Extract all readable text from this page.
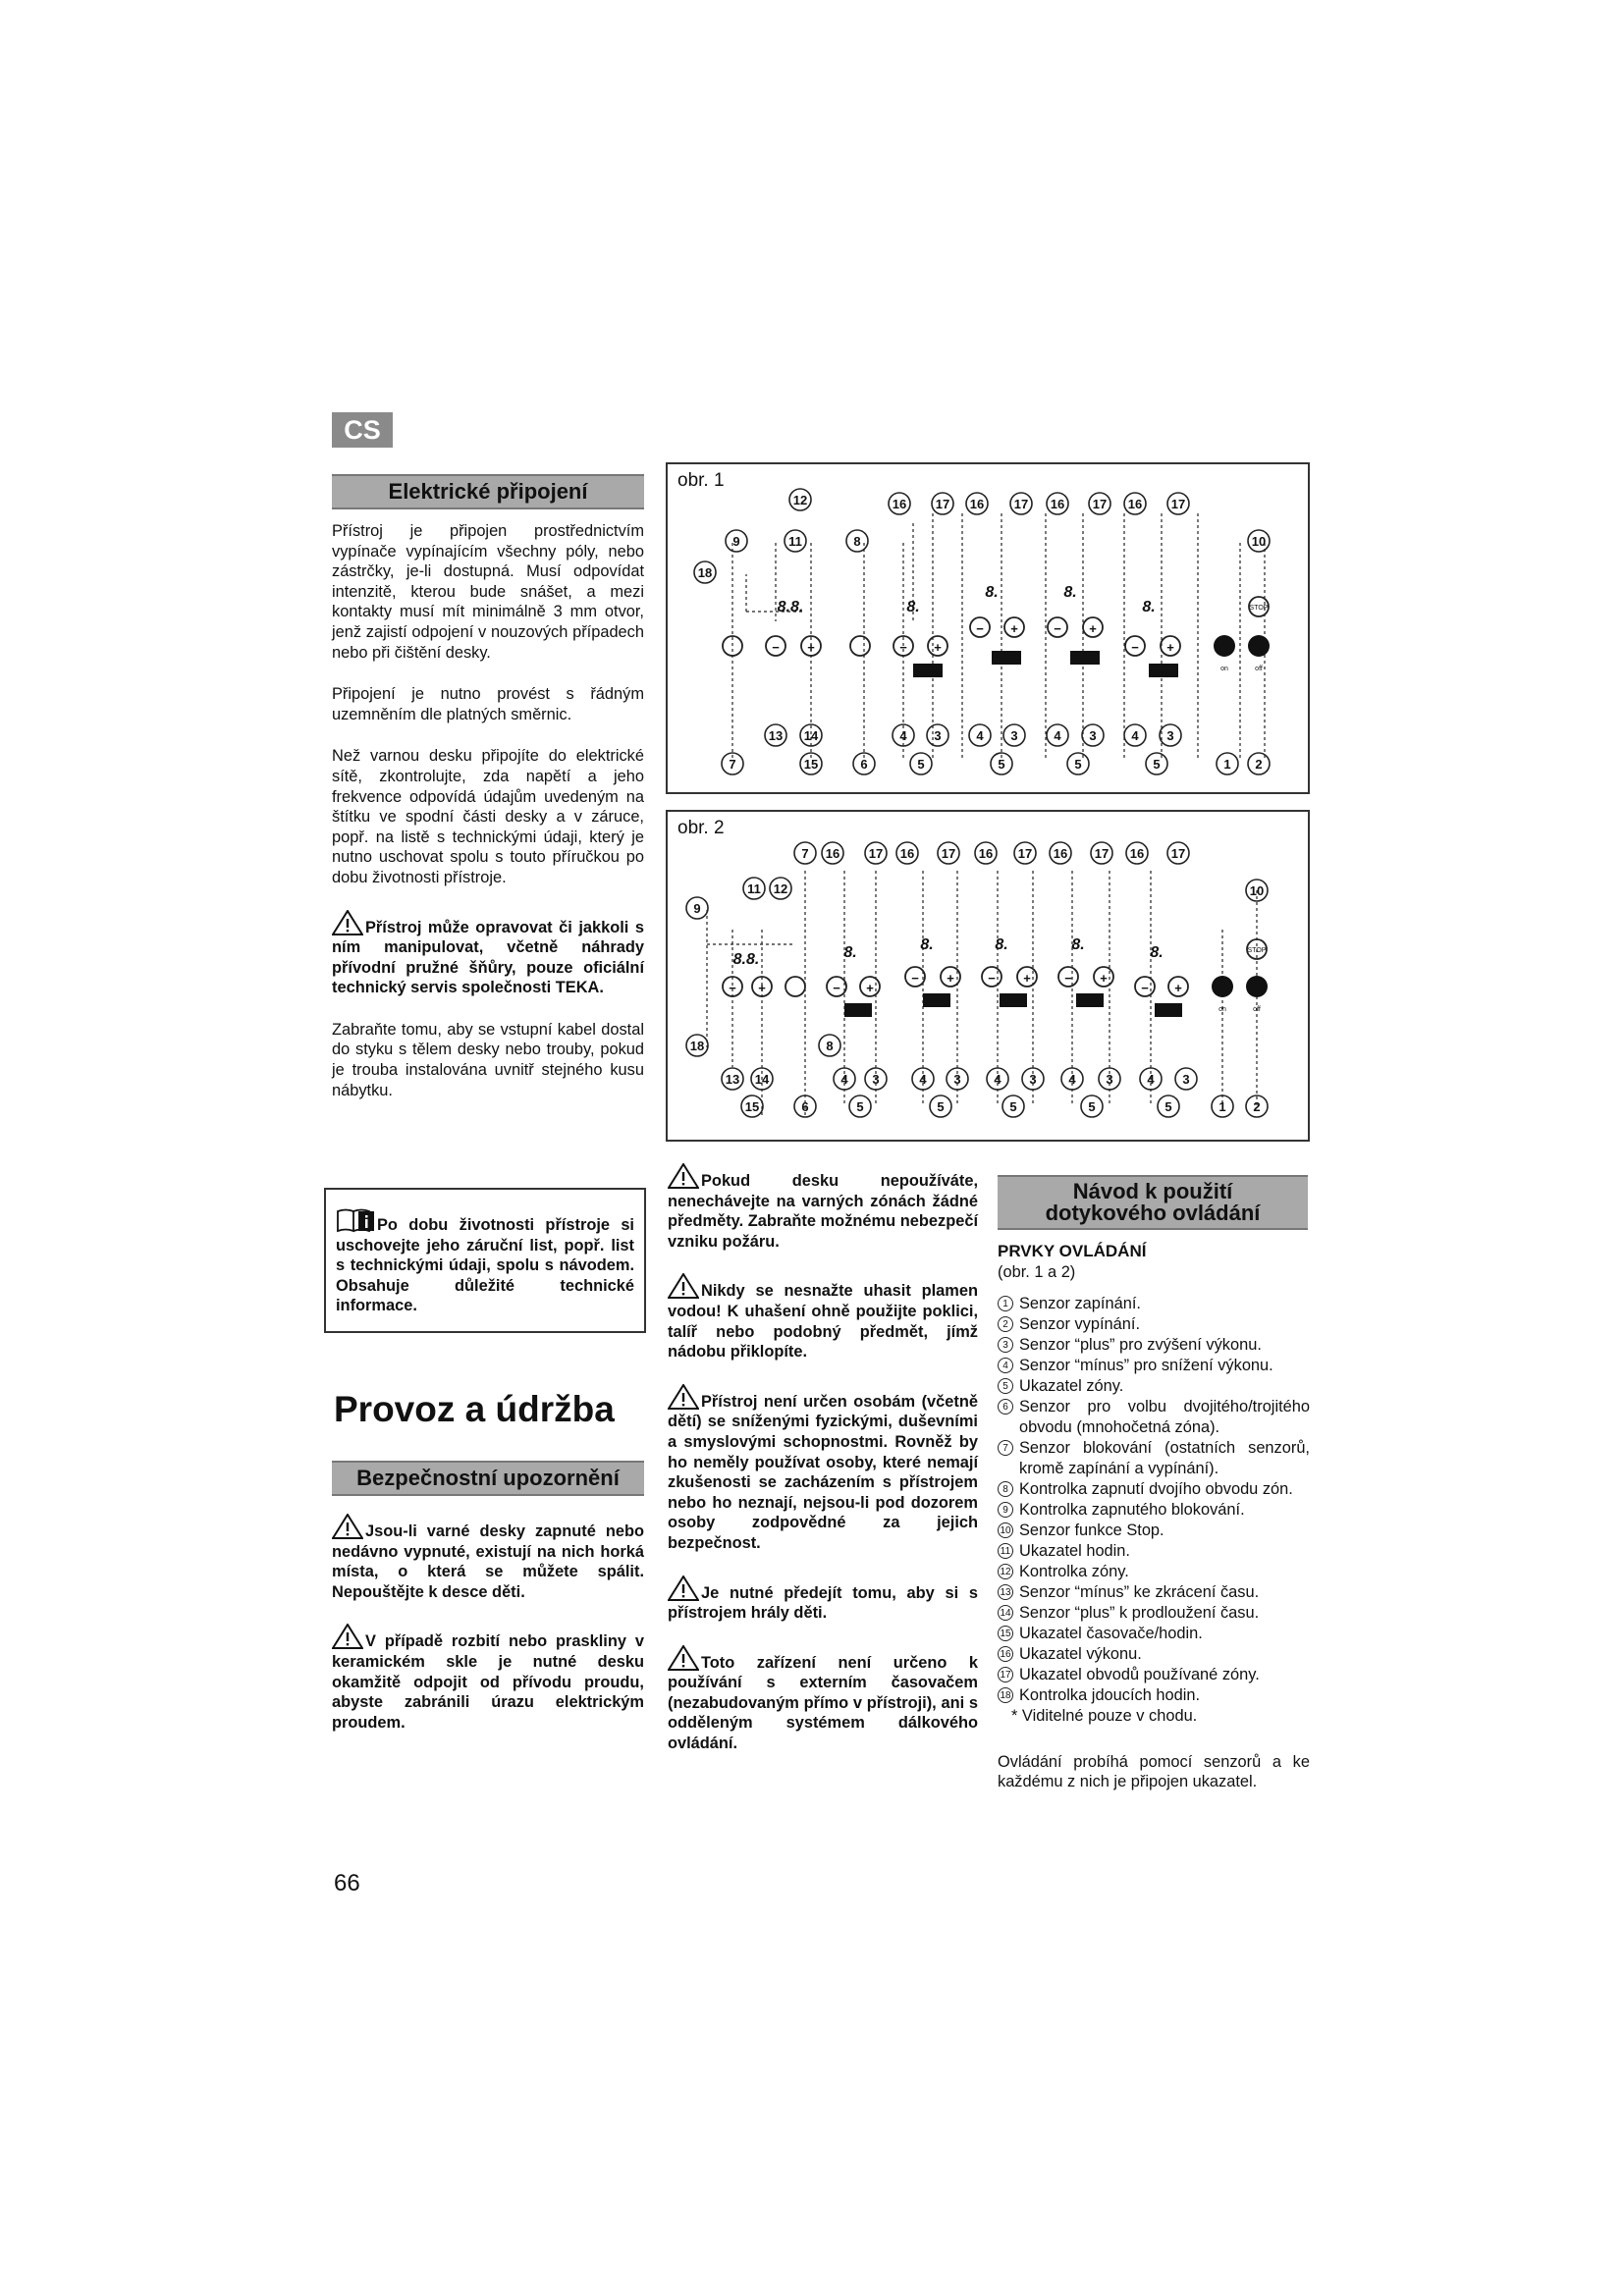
CS
Elektrické připojení

Přístroj je připojen prostřednictvím vypínače vypínajícím všechny póly, nebo zástrčky, je-li dostupná. Musí odpovídat intenzitě, kterou bude snášet, a mezi kontakty musí mít minimálně 3 mm otvor, jenž zajistí odpojení v nouzových případech nebo při čištění desky.

Připojení je nutno provést s řádným uzemněním dle platných směrnic.

Než varnou desku připojíte do elektrické sítě, zkontrolujte, zda napětí a jeho frekvence odpovídá údajům uvedeným na štítku ve spodní části desky a v záruce, popř. na listě s technickými údaji, který je nutno uschovat spolu s touto příručkou po dobu životnosti přístroje.

Přístroj může opravovat či jakkoli s ním manipulovat, včetně náhrady přívodní pružné šňůry, pouze oficiální technický servis společnosti TEKA.

Zabraňte tomu, aby se vstupní kabel dostal do styku s tělem desky nebo trouby, pokud je trouba instalována uvnitř stejného kusu nábytku.

Po dobu životnosti přístroje si uschovejte jeho záruční list, popř. list s technickými údaji, spolu s návodem. Obsahuje důležité technické informace.
Provoz a údržba
Bezpečnostní upozornění

Jsou-li varné desky zapnuté nebo nedávno vypnuté, existují na nich horká místa, o která se můžete spálit. Nepouštějte k desce děti.

V případě rozbití nebo praskliny v keramickém skle je nutné desku okamžitě odpojit od přívodu proudu, abyste zabránili úrazu elektrickým proudem.

obr. 1
12
9	11	8
18
16 17 16 17 16 17 16 17
10
13 14	4 3	4 3	4 3	4 3
7	15	6	5	5	5	5	1 2
− +	− +
− +	− +
− +
8.8.	8.
8.	8.
8.	STOP
on	off
obr. 2
7 16 17 16 17 16 17 16 17 16 17
11 12
9
10
18	8
13 14	4 3	4 3	4 3	4 3	4 3
15	6	5	5	5	5	5	1 2
− +	− +
− +	− +	− +
− +
8.8.	8.	8.	8.	8.	8.	STOP
on	off

Pokud desku nepoužíváte, nenechávejte na varných zónách žádné předměty. Zabraňte možnému nebezpečí vzniku požáru.

Nikdy se nesnažte uhasit plamen vodou! K uhašení ohně použijte poklici, talíř nebo podobný předmět, jímž nádobu přiklopíte.

Přístroj není určen osobám (včetně dětí) se sníženými fyzickými, duševními a smyslovými schopnostmi. Rovněž by ho neměly používat osoby, které nemají zkušenosti se zacházením s přístrojem nebo ho neznají, nejsou-li pod dozorem osoby zodpovědné za jejich bezpečnost.

Je nutné předejít tomu, aby si s přístrojem hrály děti.

Toto zařízení není určeno k používání s externím časovačem (nezabudovaným přímo v přístroji), ani s odděleným systémem dálkového ovládání.

Návod k použití
dotykového ovládání
PRVKY OVLÁDÁNÍ
(obr. 1 a 2)
1 Senzor zapínání.
2 Senzor vypínání.
3 Senzor “plus” pro zvýšení výkonu.
4 Senzor “mínus” pro snížení výkonu.
5 Ukazatel zóny.
6 Senzor pro volbu dvojitého/trojitého obvodu (mnohočetná zóna).
7 Senzor blokování (ostatních senzorů, kromě zapínání a vypínání).
8 Kontrolka zapnutí dvojího obvodu zón.
9 Kontrolka zapnutého blokování.
10 Senzor funkce Stop.
11 Ukazatel hodin.
12 Kontrolka zóny.
13 Senzor “mínus” ke zkrácení času.
14 Senzor “plus” k prodloužení času.
15 Ukazatel časovače/hodin.
16 Ukazatel výkonu.
17 Ukazatel obvodů používané zóny.
18 Kontrolka jdoucích hodin.
* Viditelné pouze v chodu.

Ovládání probíhá pomocí senzorů a ke každému z nich je připojen ukazatel.

66
